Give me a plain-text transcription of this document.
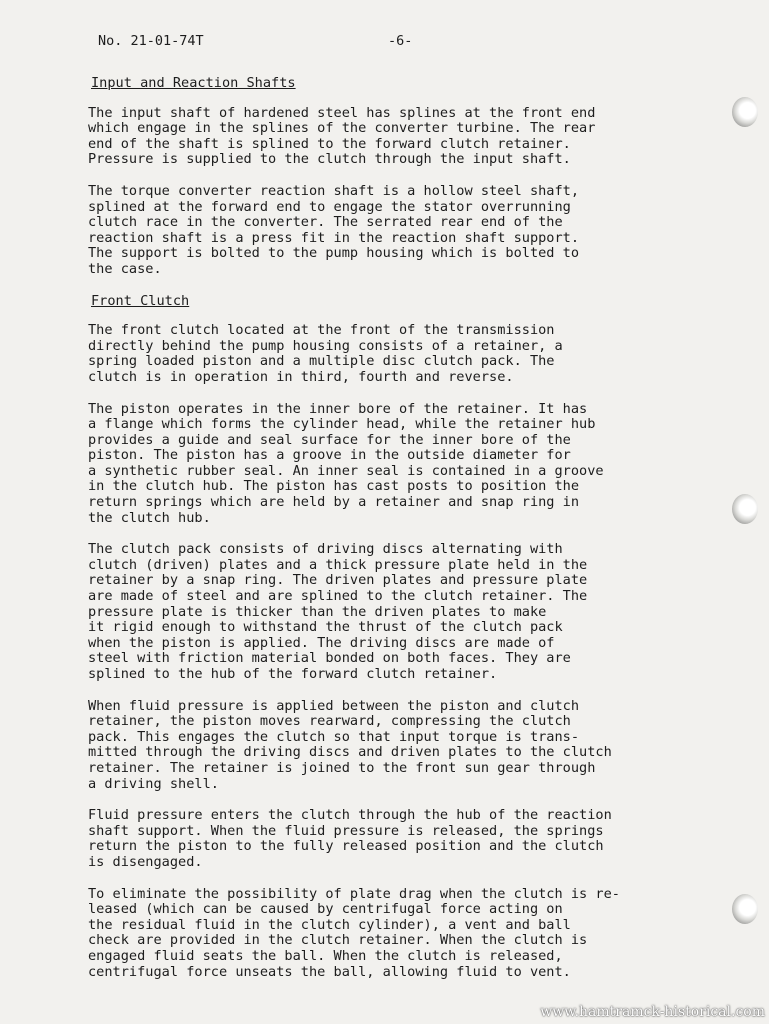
No. 21-01-74T	-6-
Input and Reaction Shafts
The input shaft of hardened steel has splines at the front end
which engage in the splines of the converter turbine. The rear
end of the shaft is splined to the forward clutch retainer.
Pressure is supplied to the clutch through the input shaft.
The torque converter reaction shaft is a hollow steel shaft,
splined at the forward end to engage the stator overrunning
clutch race in the converter. The serrated rear end of the
reaction shaft is a press fit in the reaction shaft support.
The support is bolted to the pump housing which is bolted to
the case.
Front Clutch
The front clutch located at the front of the transmission
directly behind the pump housing consists of a retainer, a
spring loaded piston and a multiple disc clutch pack. The
clutch is in operation in third, fourth and reverse.
The piston operates in the inner bore of the retainer. It has
a flange which forms the cylinder head, while the retainer hub
provides a guide and seal surface for the inner bore of the
piston. The piston has a groove in the outside diameter for
a synthetic rubber seal. An inner seal is contained in a groove
in the clutch hub. The piston has cast posts to position the
return springs which are held by a retainer and snap ring in
the clutch hub.
The clutch pack consists of driving discs alternating with
clutch (driven) plates and a thick pressure plate held in the
retainer by a snap ring. The driven plates and pressure plate
are made of steel and are splined to the clutch retainer. The
pressure plate is thicker than the driven plates to make
it rigid enough to withstand the thrust of the clutch pack
when the piston is applied. The driving discs are made of
steel with friction material bonded on both faces. They are
splined to the hub of the forward clutch retainer.
When fluid pressure is applied between the piston and clutch
retainer, the piston moves rearward, compressing the clutch
pack. This engages the clutch so that input torque is trans-
mitted through the driving discs and driven plates to the clutch
retainer. The retainer is joined to the front sun gear through
a driving shell.
Fluid pressure enters the clutch through the hub of the reaction
shaft support. When the fluid pressure is released, the springs
return the piston to the fully released position and the clutch
is disengaged.
To eliminate the possibility of plate drag when the clutch is re-
leased (which can be caused by centrifugal force acting on
the residual fluid in the clutch cylinder), a vent and ball
check are provided in the clutch retainer. When the clutch is
engaged fluid seats the ball. When the clutch is released,
centrifugal force unseats the ball, allowing fluid to vent.
www.hamtramck-historical.com
